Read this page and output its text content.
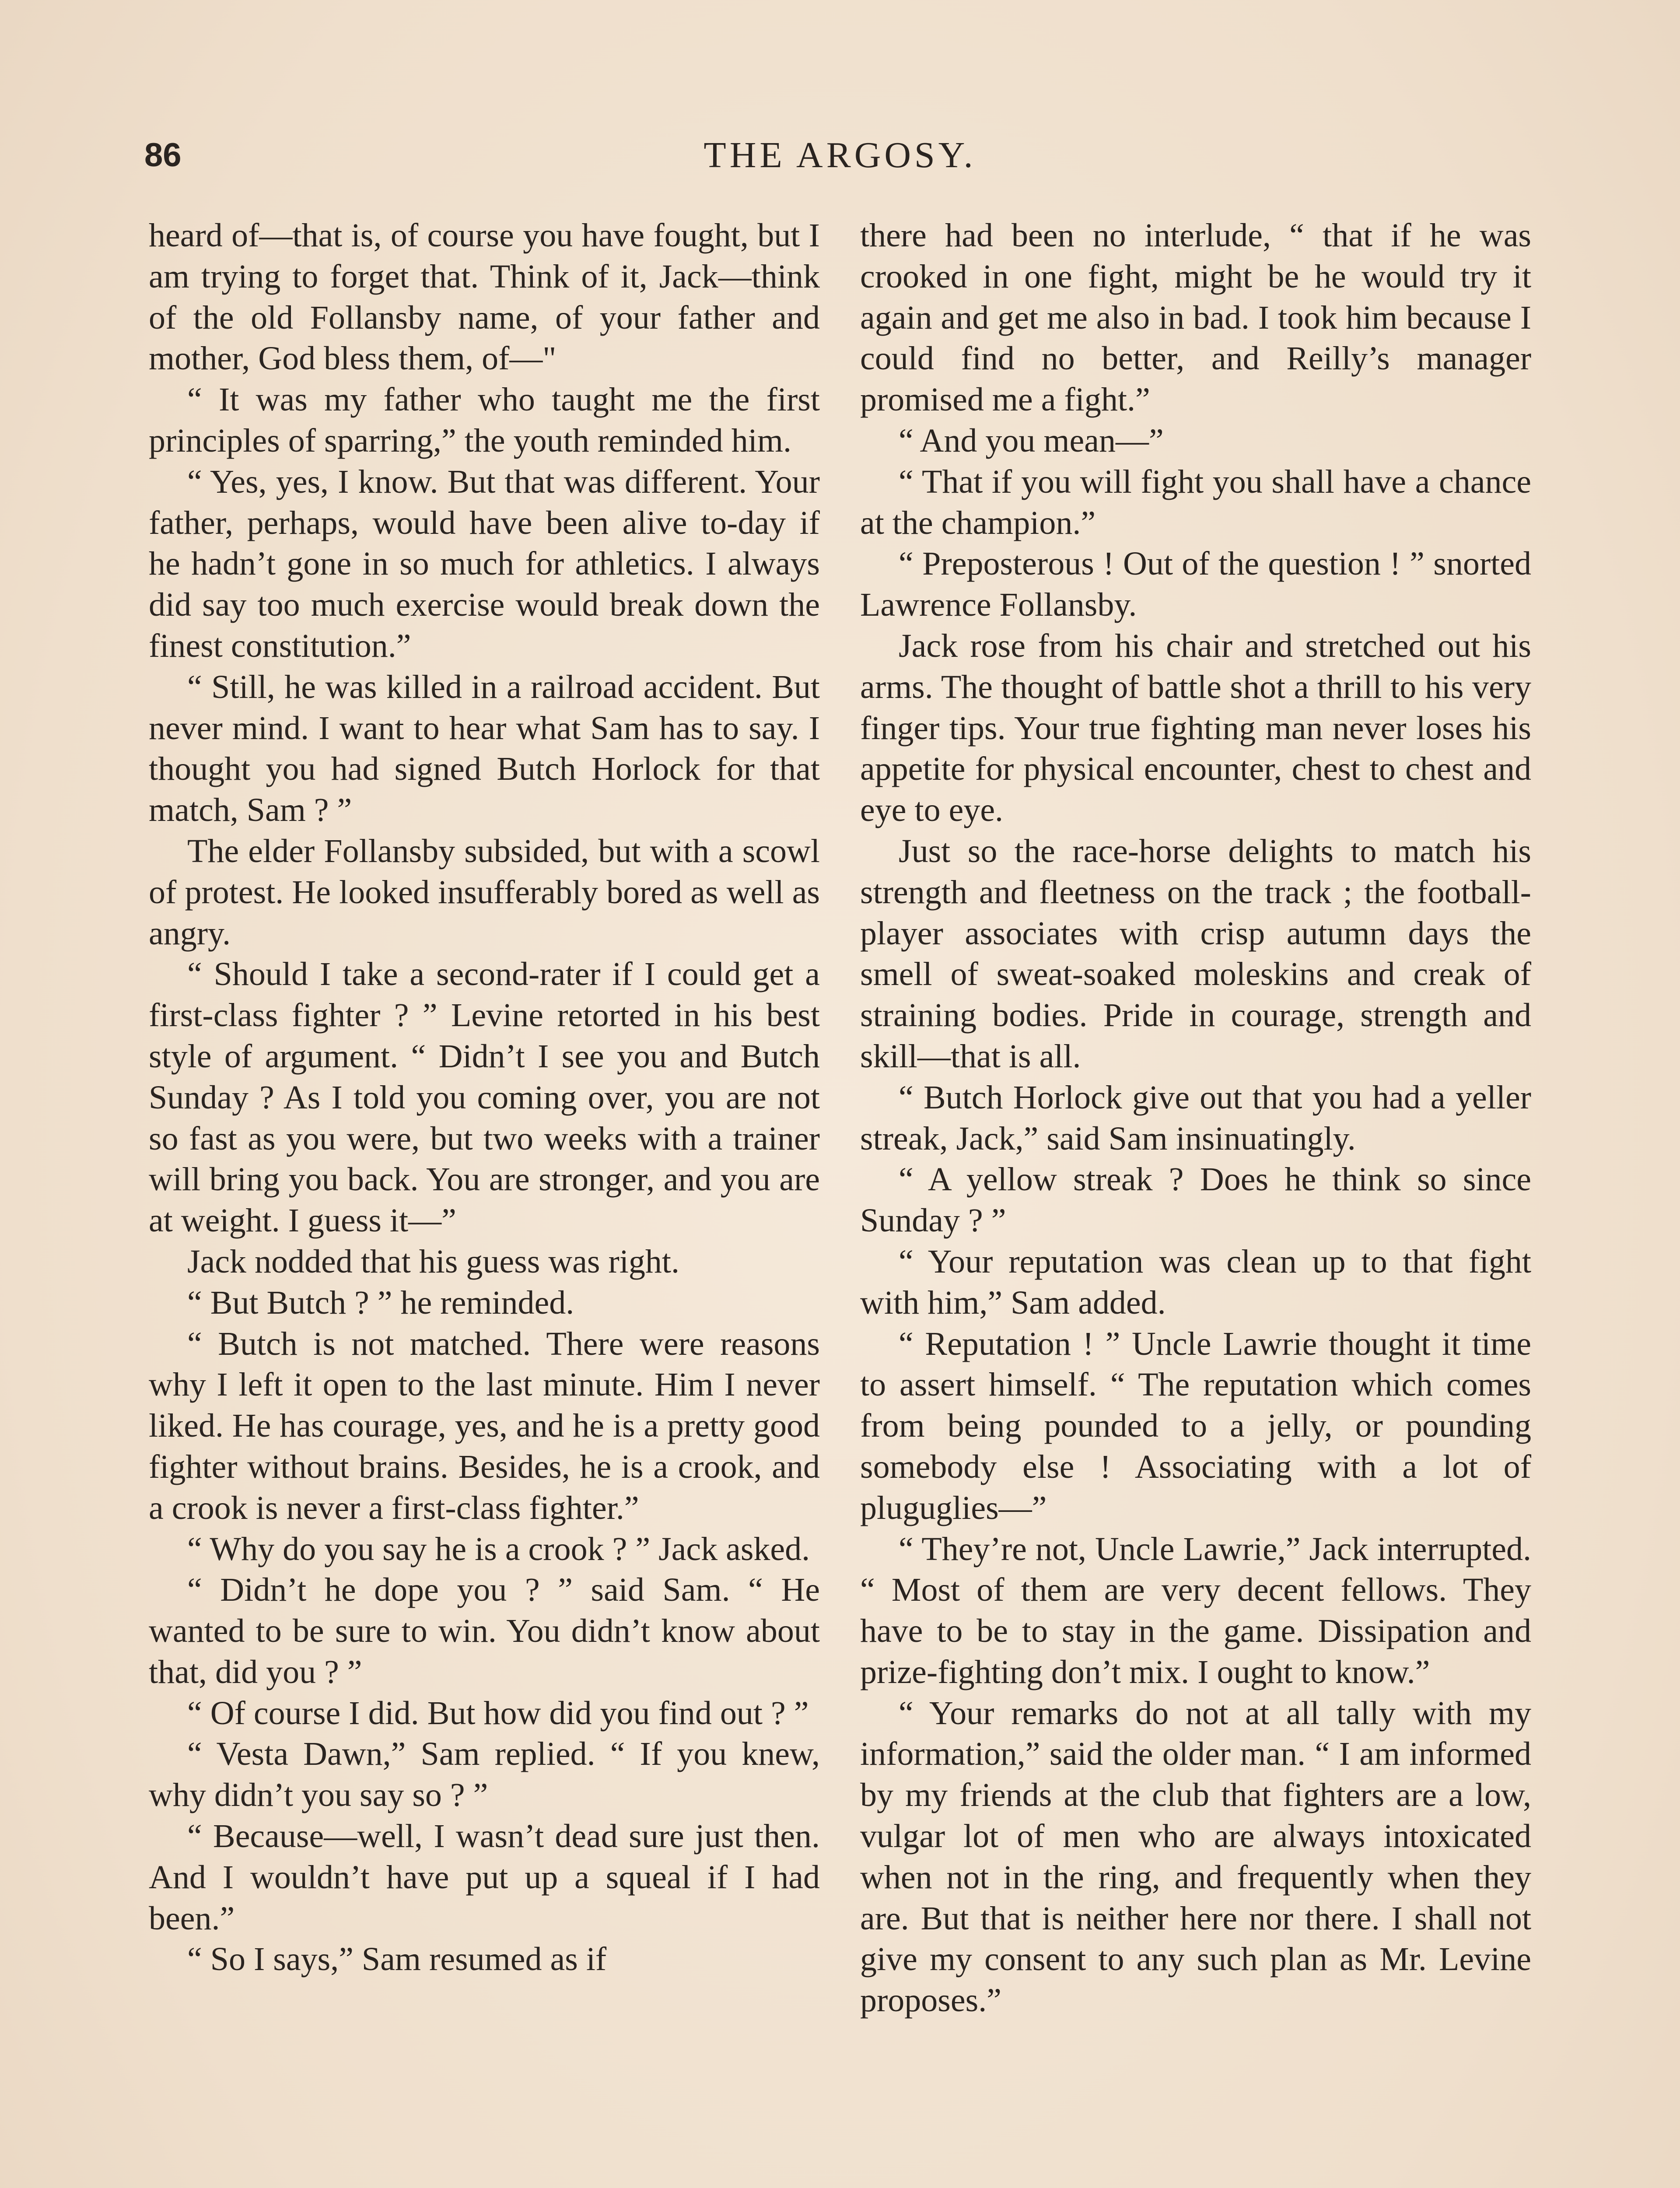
86	THE ARGOSY.

heard of—that is, of course you have fought, but I am trying to forget that. Think of it, Jack—think of the old Follansby name, of your father and mother, God bless them, of—"

“ It was my father who taught me the first principles of sparring,” the youth reminded him.

“ Yes, yes, I know. But that was different. Your father, perhaps, would have been alive to-day if he hadn’t gone in so much for athletics. I always did say too much exercise would break down the finest constitution.”

“ Still, he was killed in a railroad accident. But never mind. I want to hear what Sam has to say. I thought you had signed Butch Horlock for that match, Sam ? ”

The elder Follansby subsided, but with a scowl of protest. He looked insufferably bored as well as angry.

“ Should I take a second-rater if I could get a first-class fighter ? ” Levine retorted in his best style of argument. “ Didn’t I see you and Butch Sunday ? As I told you coming over, you are not so fast as you were, but two weeks with a trainer will bring you back. You are stronger, and you are at weight. I guess it—”

Jack nodded that his guess was right.

“ But Butch ? ” he reminded.

“ Butch is not matched. There were reasons why I left it open to the last minute. Him I never liked. He has courage, yes, and he is a pretty good fighter without brains. Besides, he is a crook, and a crook is never a first-class fighter.”

“ Why do you say he is a crook ? ” Jack asked.

“ Didn’t he dope you ? ” said Sam. “ He wanted to be sure to win. You didn’t know about that, did you ? ”

“ Of course I did. But how did you find out ? ”

“ Vesta Dawn,” Sam replied. “ If you knew, why didn’t you say so ? ”

“ Because—well, I wasn’t dead sure just then. And I wouldn’t have put up a squeal if I had been.”

“ So I says,” Sam resumed as if

there had been no interlude, “ that if he was crooked in one fight, might be he would try it again and get me also in bad. I took him because I could find no better, and Reilly’s manager promised me a fight.”

“ And you mean—”

“ That if you will fight you shall have a chance at the champion.”

“ Preposterous ! Out of the question ! ” snorted Lawrence Follansby.

Jack rose from his chair and stretched out his arms. The thought of battle shot a thrill to his very finger tips. Your true fighting man never loses his appetite for physical encounter, chest to chest and eye to eye.

Just so the race-horse delights to match his strength and fleetness on the track ; the football-player associates with crisp autumn days the smell of sweat-soaked moleskins and creak of straining bodies. Pride in courage, strength and skill—that is all.

“ Butch Horlock give out that you had a yeller streak, Jack,” said Sam insinuatingly.

“ A yellow streak ? Does he think so since Sunday ? ”

“ Your reputation was clean up to that fight with him,” Sam added.

“ Reputation ! ” Uncle Lawrie thought it time to assert himself. “ The reputation which comes from being pounded to a jelly, or pounding somebody else ! Associating with a lot of pluguglies—”

“ They’re not, Uncle Lawrie,” Jack interrupted. “ Most of them are very decent fellows. They have to be to stay in the game. Dissipation and prize-fighting don’t mix. I ought to know.”

“ Your remarks do not at all tally with my information,” said the older man. “ I am informed by my friends at the club that fighters are a low, vulgar lot of men who are always intoxicated when not in the ring, and frequently when they are. But that is neither here nor there. I shall not give my consent to any such plan as Mr. Levine proposes.”
